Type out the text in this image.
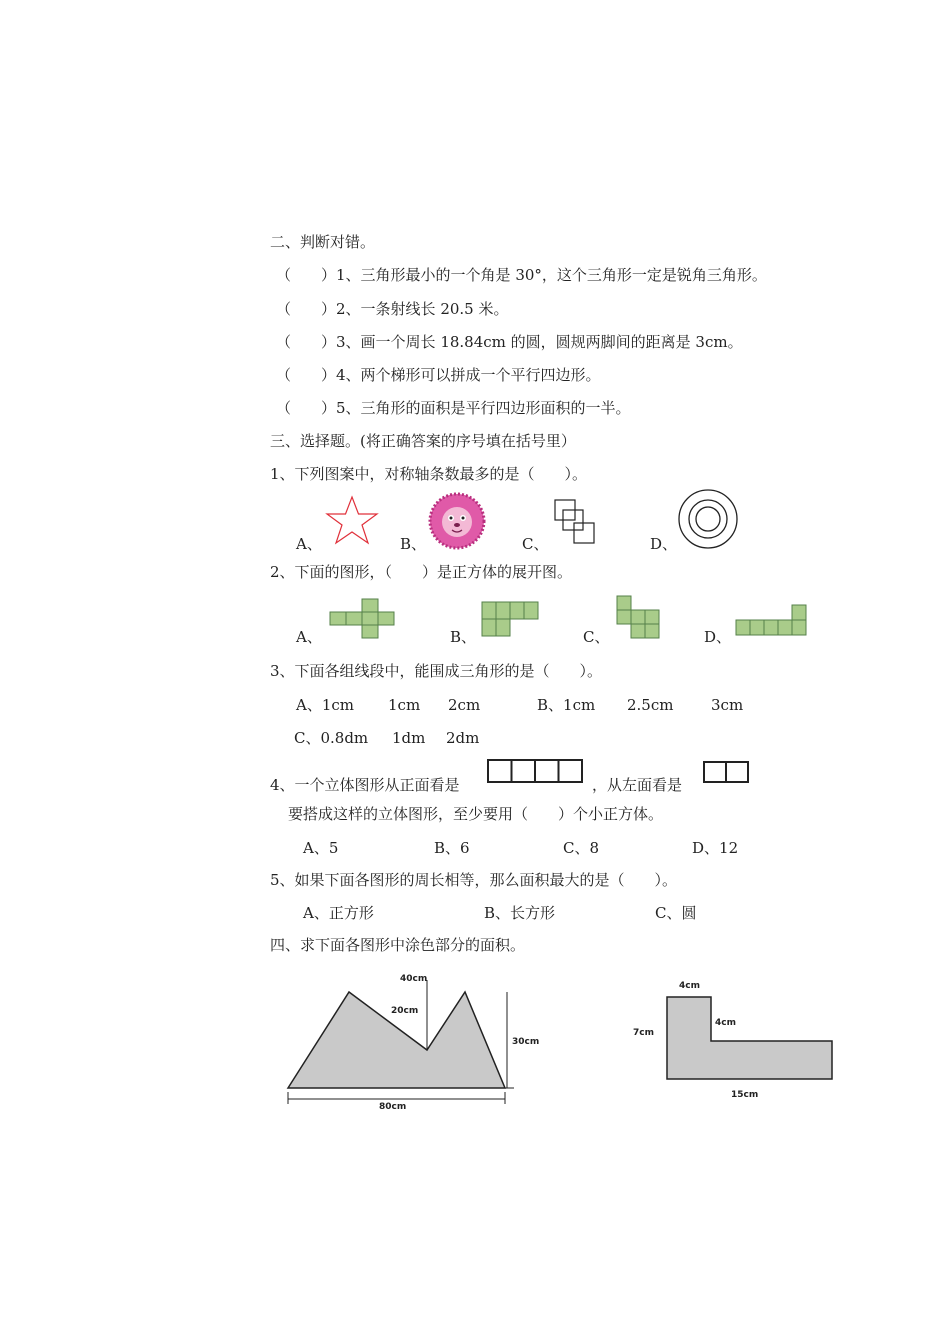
二、判断对错。
（　　）1、三角形最小的一个角是 30°，这个三角形一定是锐角三角形。
（　　）2、一条射线长 20.5 米。
（　　）3、画一个周长 18.84cm 的圆，圆规两脚间的距离是 3cm。
（　　）4、两个梯形可以拼成一个平行四边形。
（　　）5、三角形的面积是平行四边形面积的一半。
三、选择题。(将正确答案的序号填在括号里）
1、下列图案中，对称轴条数最多的是（　　）。
A、	B、	C、	D、
2、下面的图形，（　　）是正方体的展开图。
A、	B、	C、	D、
3、下面各组线段中，能围成三角形的是（　　）。
A、1cm 1cm 2cm	B、1cm 2.5cm	3cm
C、0.8dm 1dm 2dm
4、一个立体图形从正面看是	，从左面看是
要搭成这样的立体图形，至少要用（　　）个小正方体。
A、5	B、6	C、8	D、12
5、如果下面各图形的周长相等，那么面积最大的是（　　）。
A、正方形	B、长方形	C、圆
四、求下面各图形中涂色部分的面积。
40cm
20cm
30cm
80cm
4cm
4cm
7cm
15cm
